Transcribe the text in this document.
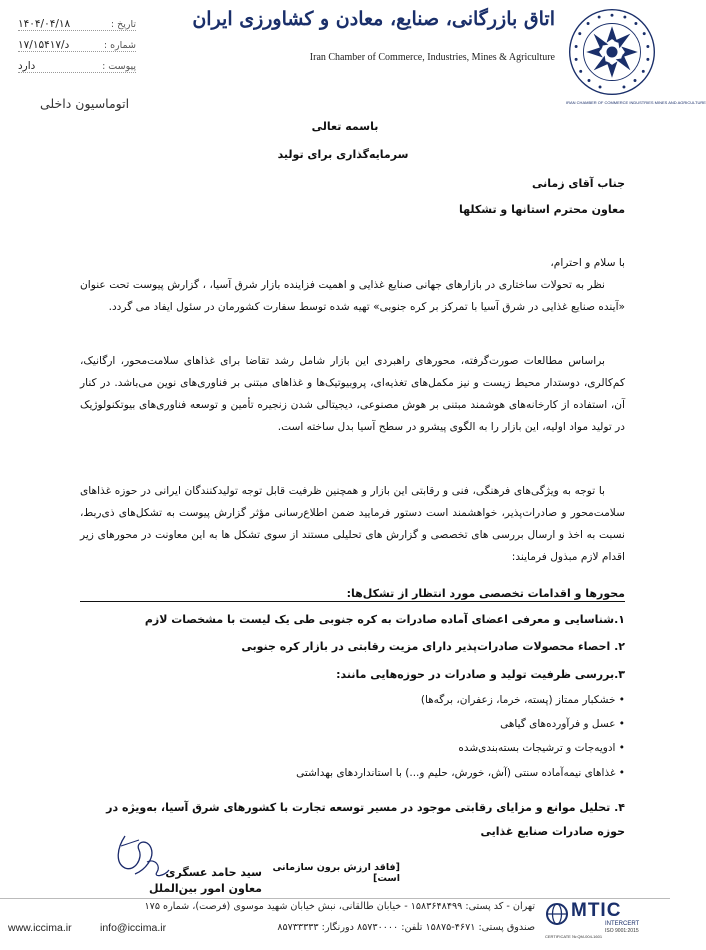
تاریخ :
۱۴۰۴/۰۴/۱۸
شماره :
۱۷/۱۵۴۱۷/د
پیوست :
دارد
اتوماسیون داخلی
اتاق بازرگانی، صنایع، معادن و کشاورزی ایران
Iran Chamber of Commerce, Industries, Mines & Agriculture
IRAN CHAMBER OF COMMERCE INDUSTRIES MINES AND AGRICULTURE
باسمه تعالی
سرمایه‌گذاری برای تولید
جناب آقای زمانی
معاون محترم استانها و تشکلها
با سلام و احترام،
نظر به تحولات ساختاری در بازارهای جهانی صنایع غذایی و اهمیت فزاینده بازار شرق آسیا، ، گزارش پیوست تحت عنوان «آینده صنایع غذایی در شرق آسیا با تمرکز بر کره جنوبی» تهیه شده توسط سفارت کشورمان در سئول ایفاد می گردد.
براساس مطالعات صورت‌گرفته، محورهای راهبردی این بازار شامل رشد تقاضا برای غذاهای سلامت‌محور، ارگانیک، کم‌کالری، دوستدار محیط زیست و نیز مکمل‌های تغذیه‌ای، پروبیوتیک‌ها و غذاهای مبتنی بر فناوری‌های نوین می‌باشد. در کنار آن، استفاده از کارخانه‌های هوشمند مبتنی بر هوش مصنوعی، دیجیتالی شدن زنجیره تأمین و توسعه فناوری‌های بیوتکنولوژیک در تولید مواد اولیه، این بازار را به الگوی پیشرو در سطح آسیا بدل ساخته است.
با توجه به ویژگی‌های فرهنگی، فنی و رقابتی این بازار و همچنین ظرفیت قابل توجه تولیدکنندگان ایرانی در حوزه غذاهای سلامت‌محور و صادرات‌پذیر، خواهشمند است دستور فرمایید ضمن اطلاع‌رسانی مؤثر گزارش پیوست به تشکل‌های ذی‌ربط، نسبت به اخذ و ارسال بررسی های تخصصی و گزارش های تحلیلی مستند از سوی تشکل ها به این معاونت در محورهای زیر اقدام لازم مبذول فرمایند:
محورها و اقدامات تخصصی مورد انتظار از تشکل‌ها:
۱.شناسایی و معرفی اعضای آماده صادرات به کره جنوبی طی یک لیست با مشخصات لازم
۲. احصاء محصولات صادرات‌پذیر دارای مزیت رقابتی در بازار کره جنوبی
۳.بررسی ظرفیت تولید و صادرات در حوزه‌هایی مانند:
• خشکبار ممتاز (پسته، خرما، زعفران، برگه‌ها)
• عسل و فرآورده‌های گیاهی
• ادویه‌جات و ترشیجات بسته‌بندی‌شده
• غذاهای نیمه‌آماده سنتی (آش، خورش، حلیم و...) با استانداردهای بهداشتی
۴. تحلیل موانع و مزایای رقابتی موجود در مسیر توسعه تجارت با کشورهای شرق آسیا، به‌ویژه در حوزه صادرات صنایع غذایی
[فاقد ارزش برون سازمانی است]
سید حامد عسگری
معاون امور بین‌الملل
تهران - کد پستی: ۱۵۸۳۶۴۸۴۹۹ - خیابان طالقانی، نبش خیابان شهید موسوی (فرصت)، شماره ۱۷۵
صندوق پستی: ۴۶۷۱-۱۵۸۷۵ تلفن: ۸۵۷۳۰۰۰۰ دورنگار: ۸۵۷۳۳۳۳۳
info@iccima.ir
www.iccima.ir
MTIC
INTERCERT
ISO 9001:2015
CERTIFICATE № QM-004-1601
